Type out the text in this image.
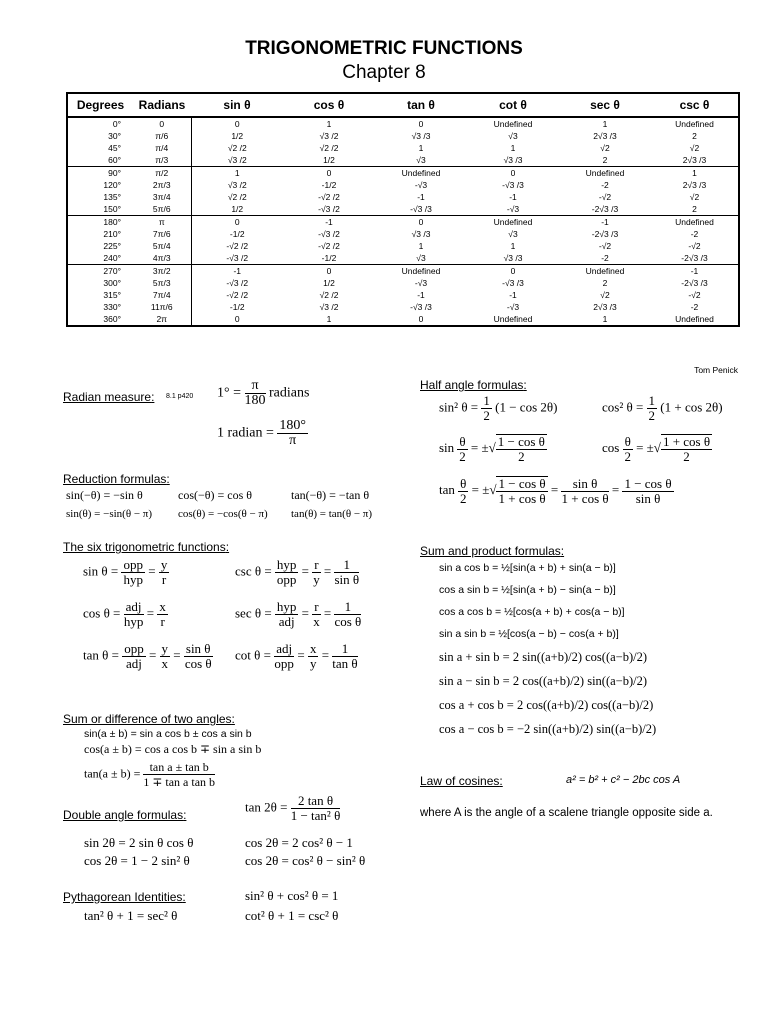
TRIGONOMETRIC FUNCTIONS
Chapter 8
Degrees	Radians	sin θ	cos θ	tan θ	cot θ	sec θ	csc θ
0°	0	0	1	0	Undefined	1	Undefined
30°	π/6	1/2	√3 /2	√3 /3	√3	2√3 /3	2
45°	π/4	√2 /2	√2 /2	1	1	√2	√2
60°	π/3	√3 /2	1/2	√3	√3 /3	2	2√3 /3
90°	π/2	1	0	Undefined	0	Undefined	1
120°	2π/3	√3 /2	-1/2	-√3	-√3 /3	-2	2√3 /3
135°	3π/4	√2 /2	-√2 /2	-1	-1	-√2	√2
150°	5π/6	1/2	-√3 /2	-√3 /3	-√3	-2√3 /3	2
180°	π	0	-1	0	Undefined	-1	Undefined
210°	7π/6	-1/2	-√3 /2	√3 /3	√3	-2√3 /3	-2
225°	5π/4	-√2 /2	-√2 /2	1	1	-√2	-√2
240°	4π/3	-√3 /2	-1/2	√3	√3 /3	-2	-2√3 /3
270°	3π/2	-1	0	Undefined	0	Undefined	-1
300°	5π/3	-√3 /2	1/2	-√3	-√3 /3	2	-2√3 /3
315°	7π/4	-√2 /2	√2 /2	-1	-1	√2	-√2
330°	11π/6	-1/2	√3 /2	-√3 /3	-√3	2√3 /3	-2
360°	2π	0	1	0	Undefined	1	Undefined
Tom Penick
Radian measure: 8.1 p420 $1^\circ = \frac{\pi}{180}$ radians
1 radian = $\frac{180^\circ}{\pi}$
Reduction formulas:
sin(−θ) = −sin θ	cos(−θ) = cos θ	tan(−θ) = −tan θ
sin(θ) = −sin(θ − π) cos(θ) = −cos(θ − π) tan(θ) = tan(θ − π)
The six trigonometric functions:
$\sin \theta = \frac{\text{opp}}{\text{hyp}} = \frac{y}{r}$
$\cos \theta = \frac{\text{adj}}{\text{hyp}} = \frac{x}{r}$
$\tan \theta = \frac{\text{opp}}{\text{adj}} = \frac{y}{x} = \frac{\text{sin θ}}{\text{cos θ}}$
$\csc \theta = \frac{\text{hyp}}{\text{opp}} = \frac{r}{y} = \frac{1}{\text{sin θ}}$
$\sec \theta = \frac{\text{hyp}}{\text{adj}} = \frac{r}{x} = \frac{1}{\text{cos θ}}$
$\cot \theta = \frac{\text{adj}}{\text{opp}} = \frac{x}{y} = \frac{1}{\text{tan θ}}$
Sum or difference of two angles:
sin(a ± b) = sin a cos b ± cos a sin b
cos(a ± b) = cos a cos b ∓ sin a sin b
$\tan(a \pm b) = \frac{\text{tan a ± tan b}}{\text{1 ∓ tan a tan b}}$
Double angle formulas:
$\tan 2\theta = \frac{\text{2 tan θ}}{\text{1 − tan² θ}}$
sin 2θ = 2 sin θ cos θ	cos 2θ = 2 cos² θ − 1
cos 2θ = 1 − 2 sin² θ	cos 2θ = cos² θ − sin² θ
Pythagorean Identities:	sin² θ + cos² θ = 1
tan² θ + 1 = sec² θ	cot² θ + 1 = csc² θ
Half angle formulas:
sin² $\theta = \frac{1}{2} (1 - \cos 2\theta)$	cos² $\theta = \frac{1}{2} (1 + \cos 2\theta)$
$\sin \frac{\theta}{2}$ = ±√ $\frac{\text{1 − cos θ}}{2}$	$\cos \frac{\theta}{2}$ = ±√ $\frac{\text{1 + cos θ}}{2}$
$\tan \frac{\theta}{2}$ = ±√ $\frac{\text{1 − cos θ}}{\text{1 + cos θ}} = \frac{\text{sin θ}}{\text{1 + cos θ}} = \frac{\text{1 − cos θ}}{\text{sin θ}}$
Sum and product formulas:
sin a cos b = ½[sin(a + b) + sin(a − b)]
cos a sin b = ½[sin(a + b) − sin(a − b)]
cos a cos b = ½[cos(a + b) + cos(a − b)]
sin a sin b = ½[cos(a − b) − cos(a + b)]
sin a + sin b = 2 sin((a+b)/2) cos((a−b)/2)
sin a − sin b = 2 cos((a+b)/2) sin((a−b)/2)
cos a + cos b = 2 cos((a+b)/2) cos((a−b)/2)
cos a − cos b = −2 sin((a+b)/2) sin((a−b)/2)
Law of cosines:	a² = b² + c² − 2bc cos A
where A is the angle of a scalene triangle opposite side a.
